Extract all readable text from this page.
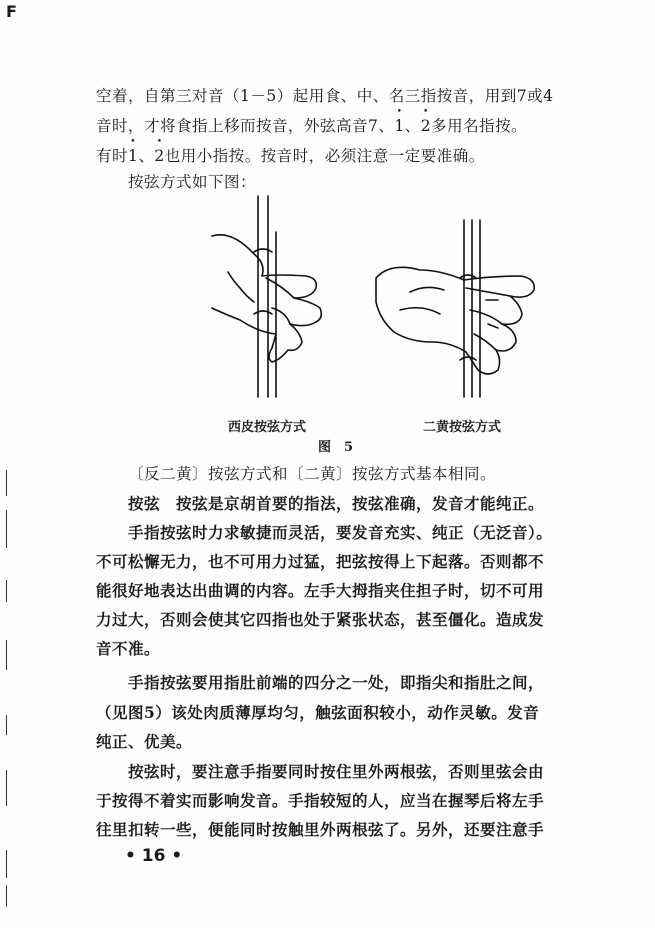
F
空着，自第三对音（1－5）起用食、中、名三指按音，用到7或4
音时，才将食指上移而按音，外弦高音7、• 1、• 2多用名指按。
有时• 1、• 2也用小指按。按音时，必须注意一定要准确。
按弦方式如下图：
西皮按弦方式	二黄按弦方式
图　5
〔反二黄〕按弦方式和〔二黄〕按弦方式基本相同。
按弦　 按弦是京胡首要的指法，按弦准确，发音才能纯正。
手指按弦时力求敏捷而灵活，要发音充实、纯正（无泛音）。
不可松懈无力，也不可用力过猛，把弦按得上下起落。否则都不
能很好地表达出曲调的内容。左手大拇指夹住担子时，切不可用
力过大，否则会使其它四指也处于紧张状态，甚至僵化。造成发
音不准。
手指按弦要用指肚前端的四分之一处，即指尖和指肚之间，
（见图5）该处肉质薄厚均匀，触弦面积较小，动作灵敏。发音
纯正、优美。
按弦时，要注意手指要同时按住里外两根弦，否则里弦会由
于按得不着实而影响发音。手指较短的人，应当在握琴后将左手
往里扣转一些，便能同时按触里外两根弦了。另外，还要注意手
• 16 •
